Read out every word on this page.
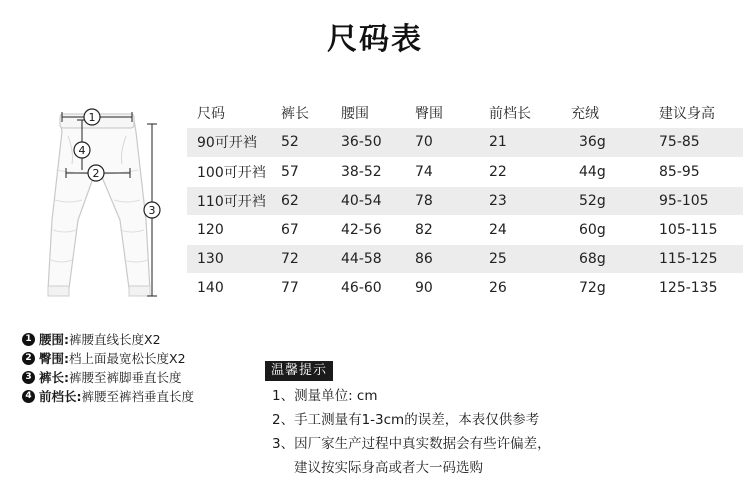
尺码表
1
4
2
3
尺码	裤长	腰围	臀围	前档长	充绒	建议身高
90可开裆	52	36-50	70	21	36g	75-85
100可开裆	57	38-52	74	22	44g	85-95
110可开裆	62	40-54	78	23	52g	95-105
120	67	42-56	82	24	60g	105-115
130	72	44-58	86	25	68g	115-125
140	77	46-60	90	26	72g	125-135
1 腰围: 裤腰直线长度X2
2 臀围: 档上面最宽松长度X2
3 裤长: 裤腰至裤脚垂直长度
4 前档长: 裤腰至裤裆垂直长度
温馨提示
1、测量单位: cm
2、手工测量有1-3cm的误差，本表仅供参考
3、因厂家生产过程中真实数据会有些许偏差，
建议按实际身高或者大一码选购
